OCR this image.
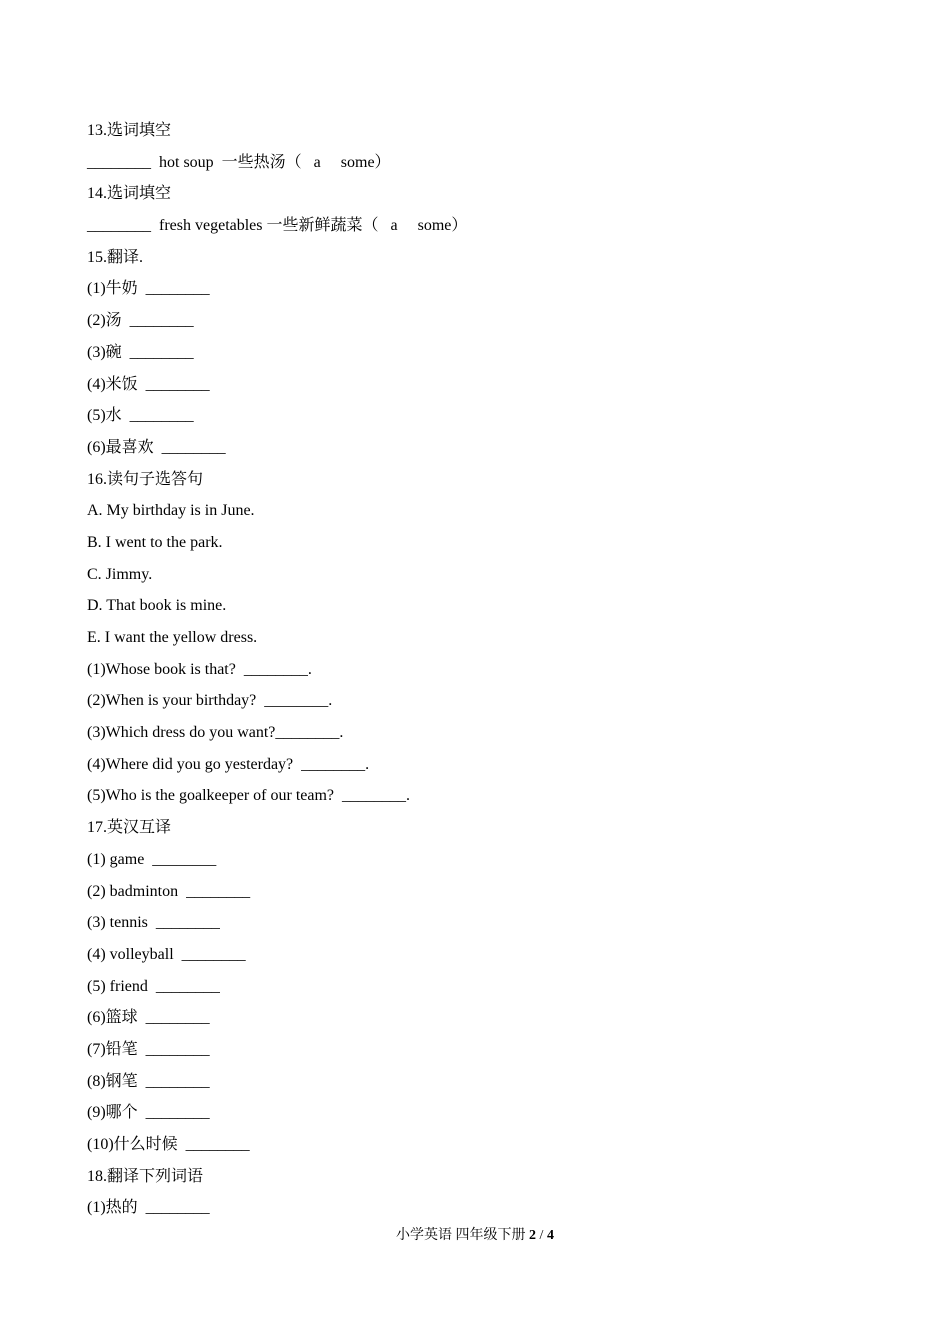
13.选词填空
________  hot soup  一些热汤（   a     some）
14.选词填空
________  fresh vegetables 一些新鲜蔬菜（   a     some）
15.翻译.
(1)牛奶  ________
(2)汤  ________
(3)碗  ________
(4)米饭  ________
(5)水  ________
(6)最喜欢  ________
16.读句子选答句
A. My birthday is in June.
B. I went to the park.
C. Jimmy.
D. That book is mine.
E. I want the yellow dress.
(1)Whose book is that?  ________.
(2)When is your birthday?  ________.
(3)Which dress do you want?________.
(4)Where did you go yesterday?  ________.
(5)Who is the goalkeeper of our team?  ________.
17.英汉互译
(1) game  ________
(2) badminton  ________
(3) tennis  ________
(4) volleyball  ________
(5) friend  ________
(6)篮球  ________
(7)铅笔  ________
(8)钢笔  ________
(9)哪个  ________
(10)什么时候  ________
18.翻译下列词语
(1)热的  ________
小学英语 四年级下册 2 / 4
